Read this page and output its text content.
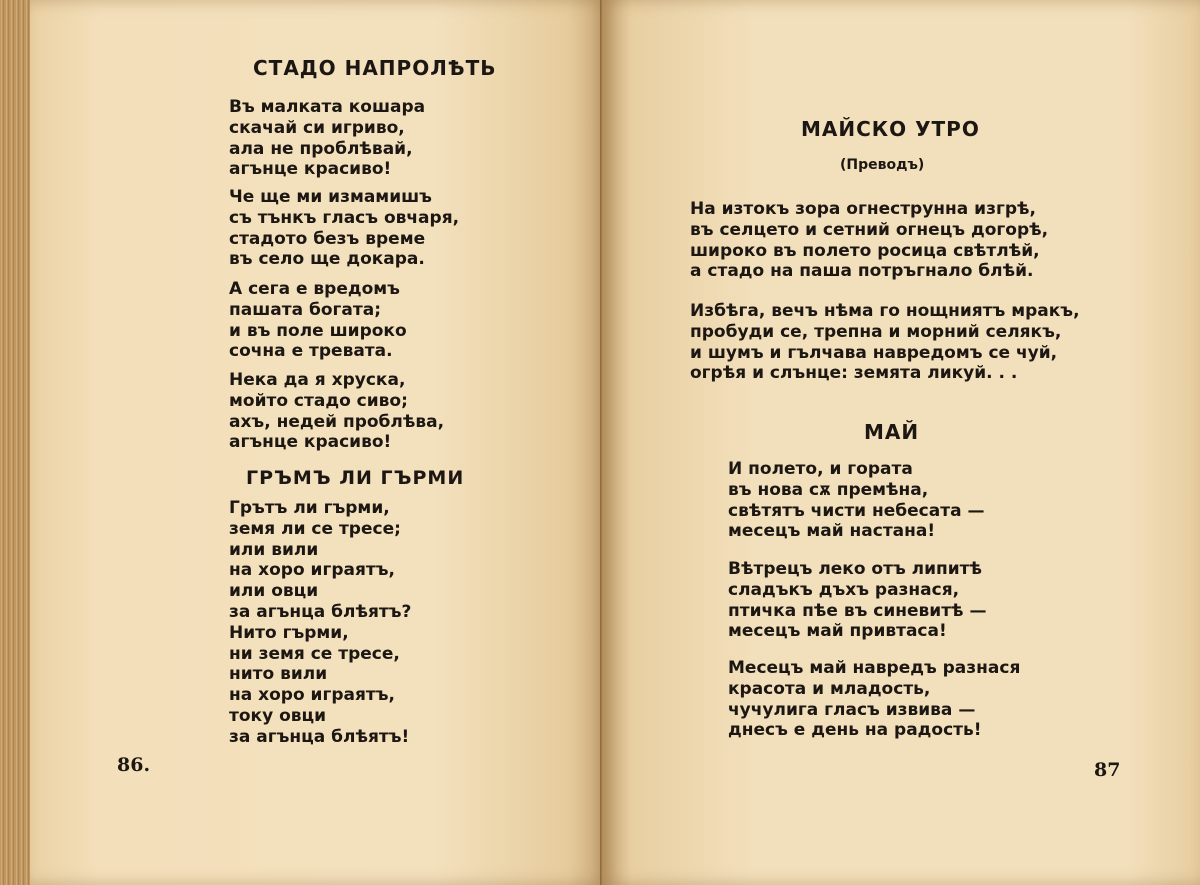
СТАДО НАПРОЛѢТЬ
Въ малката кошара
скачай си игриво,
ала не проблѣвай,
агънце красиво!
Че ще ми измамишъ
съ тънкъ гласъ овчаря,
стадото безъ време
въ село ще докара.
А сега е вредомъ
пашата богата;
и въ поле широко
сочна е тревата.
Нека да я хруска,
мойто стадо сиво;
ахъ, недей проблѣва,
агънце красиво!
ГРЪМЪ ЛИ ГЪРМИ
Грътъ ли гърми,
земя ли се тресе;
или вили
на хоро играятъ,
или овци
за агънца блѣятъ?
Нито гърми,
ни земя се тресе,
нито вили
на хоро играятъ,
току овци
за агънца блѣятъ!
86.
МАЙСКО УТРО
(Преводъ)
На изтокъ зора огнеструнна изгрѣ,
въ селцето и сетний огнецъ догорѣ,
широко въ полето росица свѣтлѣй,
а стадо на паша потръгнало блѣй.
Избѣга, вечъ нѣма го нощниятъ мракъ,
пробуди се, трепна и морний селякъ,
и шумъ и гълчава навредомъ се чуй,
огрѣя и слънце: земята ликуй. . .
МАЙ
И полето, и гората
въ нова сѫ премѣна,
свѣтятъ чисти небесата —
месецъ май настана!
Вѣтрецъ леко отъ липитѣ
сладъкъ дъхъ разнася,
птичка пѣе въ синевитѣ —
месецъ май привтаса!
Месецъ май навредъ разнася
красота и младость,
чучулига гласъ извива —
днесъ е день на радость!
87
